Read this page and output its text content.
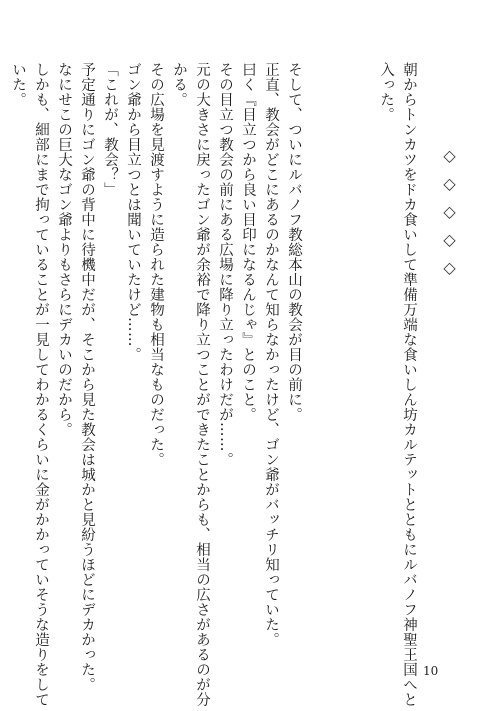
朝からトンカツをドカ食いして準備万端な食いしん坊カルテットとともにルバノフ神聖王国へと
入った。
そして、ついにルバノフ教総本山の教会が目の前に。
正直、教会がどこにあるのかなんて知らなかったけど、ゴン爺がバッチリ知っていた。
曰く『目立つから良い目印になるんじゃ』とのこと。
その目立つ教会の前にある広場に降り立ったわけだが……。
元の大きさに戻ったゴン爺が余裕で降り立つことができたことからも、相当の広さがあるのが分
かる。
その広場を見渡すように造られた建物も相当なものだった。
ゴン爺から目立つとは聞いていたけど……。
「これが、教会？」
予定通りにゴン爺の背中に待機中だが、そこから見た教会は城かと見紛うほどにデカかった。
なにせこの巨大なゴン爺よりもさらにデカいのだから。
しかも、細部にまで拘っていることが一見してわかるくらいに金がかかっていそうな造りをして
いた。
◇◇◇◇◇
10
